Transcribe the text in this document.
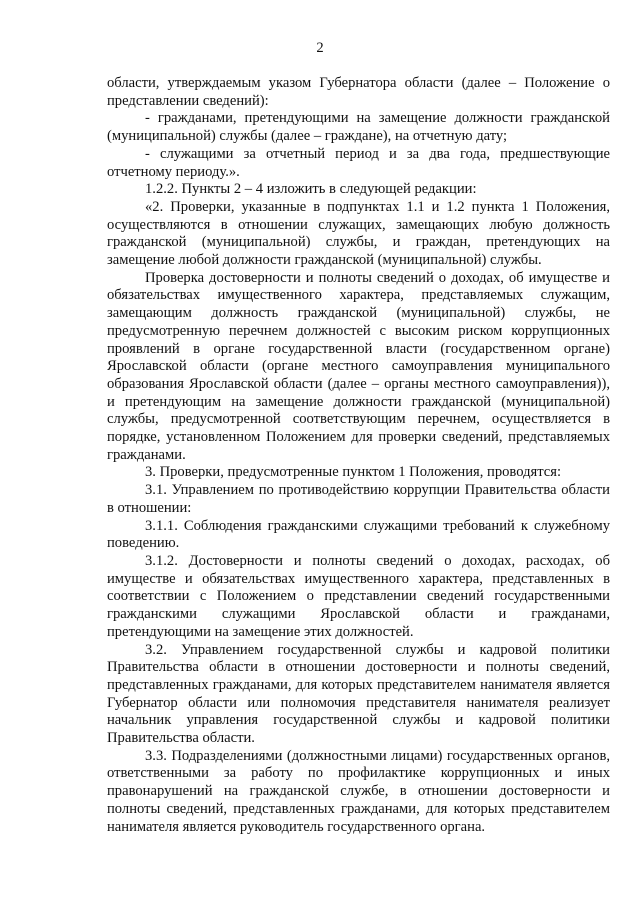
2

области, утверждаемым указом Губернатора области (далее – Положение о представлении сведений):

- гражданами, претендующими на замещение должности гражданской (муниципальной) службы (далее – граждане), на отчетную дату;

- служащими за отчетный период и за два года, предшествующие отчетному периоду.».

1.2.2. Пункты 2 – 4 изложить в следующей редакции:

«2. Проверки, указанные в подпунктах 1.1 и 1.2 пункта 1 Положения, осуществляются в отношении служащих, замещающих любую должность гражданской (муниципальной) службы, и граждан, претендующих на замещение любой должности гражданской (муниципальной) службы.

Проверка достоверности и полноты сведений о доходах, об имуществе и обязательствах имущественного характера, представляемых служащим, замещающим должность гражданской (муниципальной) службы, не предусмотренную перечнем должностей с высоким риском коррупционных проявлений в органе государственной власти (государственном органе) Ярославской области (органе местного самоуправления муниципального образования Ярославской области (далее – органы местного самоуправления)), и претендующим на замещение должности гражданской (муниципальной) службы, предусмотренной соответствующим перечнем, осуществляется в порядке, установленном Положением для проверки сведений, представляемых гражданами.

3. Проверки, предусмотренные пунктом 1 Положения, проводятся:

3.1. Управлением по противодействию коррупции Правительства области в отношении:

3.1.1. Соблюдения гражданскими служащими требований к служебному поведению.

3.1.2. Достоверности и полноты сведений о доходах, расходах, об имуществе и обязательствах имущественного характера, представленных в соответствии с Положением о представлении сведений государственными гражданскими служащими Ярославской области и гражданами, претендующими на замещение этих должностей.

3.2. Управлением государственной службы и кадровой политики Правительства области в отношении достоверности и полноты сведений, представленных гражданами, для которых представителем нанимателя является Губернатор области или полномочия представителя нанимателя реализует начальник управления государственной службы и кадровой политики Правительства области.

3.3. Подразделениями (должностными лицами) государственных органов, ответственными за работу по профилактике коррупционных и иных правонарушений на гражданской службе, в отношении достоверности и полноты сведений, представленных гражданами, для которых представителем нанимателя является руководитель государственного органа.
